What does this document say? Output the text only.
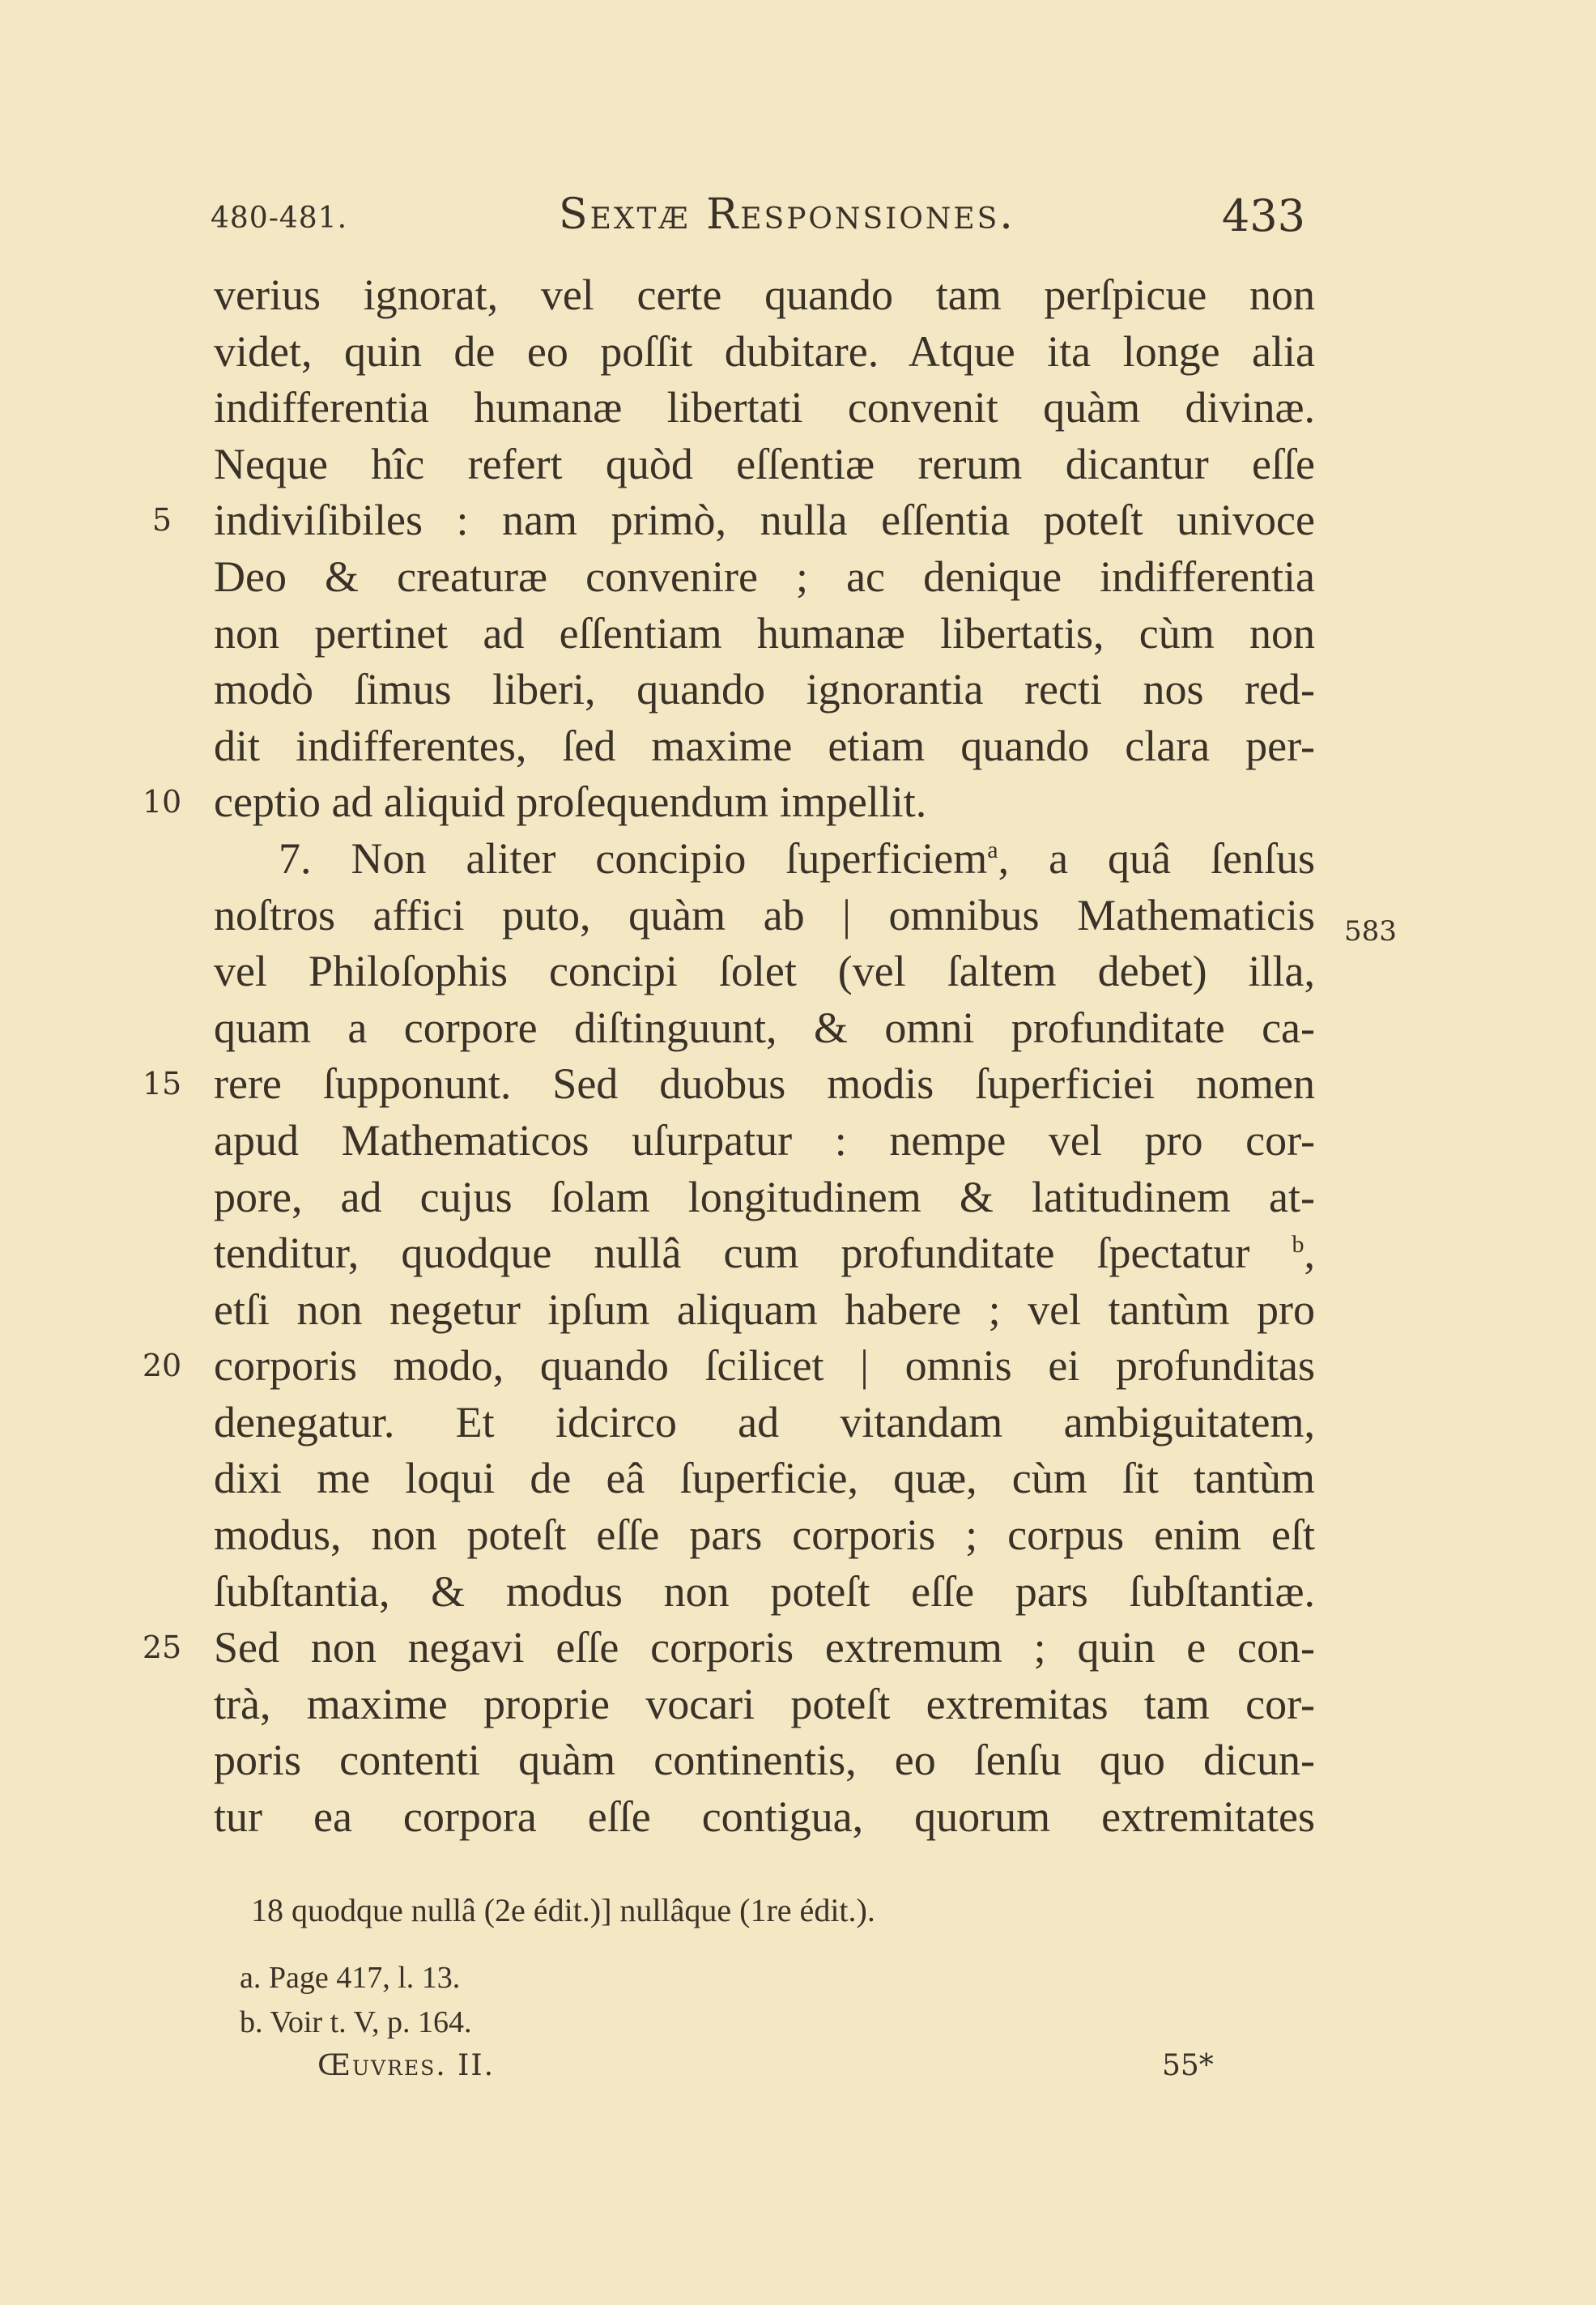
480-481.	Sextæ Responsiones.	433
verius ignorat, vel certe quando tam perſpicue non
videt, quin de eo poſſit dubitare. Atque ita longe alia
indifferentia humanæ libertati convenit quàm divinæ.
Neque hîc refert quòd eſſentiæ rerum dicantur eſſe
indiviſibiles : nam primò, nulla eſſentia poteſt univoce
Deo & creaturæ convenire ; ac denique indifferentia
non pertinet ad eſſentiam humanæ libertatis, cùm non
modò ſimus liberi, quando ignorantia recti nos red-
dit indifferentes, ſed maxime etiam quando clara per-
ceptio ad aliquid proſequendum impellit.
7. Non aliter concipio ſuperficiem$^a$, a quâ ſenſus
noſtros affici puto, quàm ab | omnibus Mathematicis
vel Philoſophis concipi ſolet (vel ſaltem debet) illa,
quam a corpore diſtinguunt, & omni profunditate ca-
rere ſupponunt. Sed duobus modis ſuperficiei nomen
apud Mathematicos uſurpatur : nempe vel pro cor-
pore, ad cujus ſolam longitudinem & latitudinem at-
tenditur, quodque nullâ cum profunditate ſpectatur $^b$,
etſi non negetur ipſum aliquam habere ; vel tantùm pro
corporis modo, quando ſcilicet | omnis ei profunditas
denegatur. Et idcirco ad vitandam ambiguitatem,
dixi me loqui de eâ ſuperficie, quæ, cùm ſit tantùm
modus, non poteſt eſſe pars corporis ; corpus enim eſt
ſubſtantia, & modus non poteſt eſſe pars ſubſtantiæ.
Sed non negavi eſſe corporis extremum ; quin e con-
trà, maxime proprie vocari poteſt extremitas tam cor-
poris contenti quàm continentis, eo ſenſu quo dicun-
tur ea corpora eſſe contigua, quorum extremitates
5
10
15
20
25
583
18 quodque nullâ (2e édit.)] nullâque (1re édit.).
a. Page 417, l. 13.
b. Voir t. V, p. 164.
Œuvres. II.	55*
